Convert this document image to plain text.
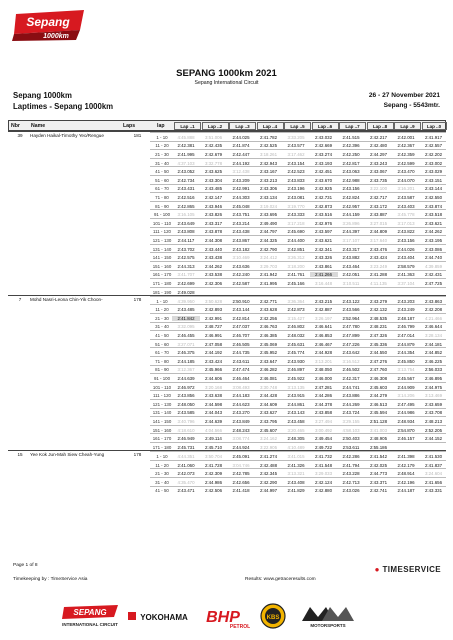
Sepang
1000km
SEPANG 1000km 2021
Sepang International Circuit
Sepang 1000km
Laptimes - Sepang 1000km
26 - 27 November 2021
Sepang - 5543mtr.
Nbr Name	Laps	lap	Lap ..1	Lap ..2	Lap ..3	Lap ..4	Lap ..5	Lap ..6	Lap ..7	Lap ..8	Lap ..9	Lap ..0
39	Hayden Haikal-Timothy Yeo/Rengue	181	1 - 10	4:45.888	3:51.006	2:44.025	2:41.782	3:33.205	2:43.032	2:41.515	2:42.217	2:42.001	2:41.917
11 - 20	2:42.381	2:42.435	2:41.874	2:42.525	2:43.577	2:42.669	2:42.396	2:42.480	2:42.367	2:42.557
21 - 30	2:41.995	2:42.679	2:42.447	3:18.261	3:17.462	2:43.274	2:42.250	2:44.297	2:42.359	2:42.202
31 - 40	4:37.103	3:32.778	2:44.192	2:42.943	2:43.154	2:43.193	2:42.817	2:43.243	2:42.599	2:43.002
41 - 50	2:43.052	2:43.625	3:12.438	2:43.167	2:42.523	2:42.451	2:43.063	2:43.067	2:43.470	2:43.029
51 - 60	2:42.734	2:43.304	2:43.209	2:43.213	2:43.833	2:43.670	2:42.988	2:43.735	2:44.070	2:43.151
61 - 70	2:43.431	2:43.485	2:42.991	2:43.306	2:43.196	2:42.925	2:43.156	3:22.100	3:16.201	2:43.144
71 - 80	2:42.516	2:42.147	2:44.303	2:43.134	2:43.081	2:42.731	2:42.824	2:42.717	2:43.587	2:42.550
81 - 90	2:42.865	2:43.946	2:45.048	3:19.024	3:19.770	2:42.873	2:42.957	2:43.172	2:43.403	2:43.874
91 - 100	3:16.105	2:43.826	2:43.751	2:43.695	2:43.333	2:43.516	2:44.159	2:43.887	3:45.778	2:43.518
101 - 110	2:43.649	2:43.317	2:43.214	2:49.490	3:17.218	2:42.976	3:26.896	3:27.015	3:17.013	2:43.621
111 - 120	2:43.808	2:43.878	2:43.438	2:44.797	2:45.690	2:43.597	2:44.397	2:44.809	2:43.822	2:44.262
121 - 130	2:44.117	2:44.308	2:43.867	2:44.325	2:44.400	2:43.621	3:17.107	3:17.640	2:43.156	2:43.195
131 - 140	2:43.702	2:43.440	2:43.182	2:42.790	2:42.851	2:42.341	2:43.317	2:43.476	2:44.026	2:43.086
141 - 150	2:42.575	2:43.438	3:10.469	3:24.412	3:26.312	2:43.326	2:43.882	2:43.424	2:43.404	2:44.740
151 - 160	2:44.313	2:44.262	2:43.636	3:29.703	3:18.200	2:43.861	2:43.464	3:23.249	2:58.579	4:39.859
161 - 170	3:41.707	2:43.538	2:42.240	2:41.942	2:41.761	2:41.266	2:42.051	2:41.288	2:41.363	2:42.431
171 - 180	2:42.699	2:42.306	2:42.587	2:41.995	2:45.166	3:16.448	3:10.511	4:11.135	3:37.104	2:47.725
181 - 190	2:49.028
7	Mohd Nasri-Leona Chin-Yik Choon-	178	1 - 10	4:39.950	3:50.628	2:50.910	2:42.771	3:36.364	2:43.215	2:43.122	2:43.279	2:43.203	2:43.863
11 - 20	2:43.485	2:42.893	2:43.144	2:43.628	2:42.873	2:42.887	2:43.566	2:42.132	2:43.249	2:42.208
21 - 30	2:41.842	2:42.991	2:42.814	2:42.256	3:15.427	3:26.197	2:52.964	2:48.535	2:48.187	4:21.466
31 - 40	3:32.095	2:48.727	2:47.037	2:46.763	2:46.802	2:46.641	2:47.780	2:48.231	2:46.799	2:46.644
41 - 50	2:46.455	2:46.991	2:46.707	2:46.385	2:48.032	2:46.853	2:47.899	2:47.326	2:47.014	3:28.134
51 - 60	3:27.071	2:47.058	2:46.505	2:45.069	2:45.631	2:46.467	2:47.226	2:45.336	2:44.879	2:44.181
61 - 70	2:46.375	2:44.192	2:44.735	2:45.952	2:45.774	2:44.928	2:43.642	2:44.550	2:44.354	2:44.852
71 - 80	2:44.185	2:43.424	2:43.611	2:43.647	2:43.930	3:13.201	3:16.512	2:47.276	2:45.850	2:46.225
81 - 90	3:12.367	2:45.966	2:47.474	2:46.282	2:46.897	2:48.050	2:46.502	2:47.760	3:13.754	2:56.033
91 - 100	2:44.639	2:44.606	2:46.464	2:46.081	2:45.922	2:46.000	2:42.317	2:46.308	2:45.567	2:46.895
101 - 110	2:46.972	3:20.168	3:08.493	3:30.748	3:13.135	2:47.281	2:44.741	2:45.603	2:44.909	2:44.975
111 - 120	2:43.856	2:43.638	2:44.183	2:44.428	2:43.915	2:44.286	2:43.886	2:44.279	3:14.206	3:13.469
121 - 130	2:48.050	2:44.598	2:44.623	2:44.609	2:44.861	2:44.378	2:44.269	2:46.513	2:47.495	2:43.659
131 - 140	2:43.585	2:44.043	2:43.270	2:43.627	2:43.143	2:43.858	2:43.724	2:45.594	2:44.986	2:43.708
141 - 150	3:40.796	2:44.639	2:43.849	2:43.795	2:43.458	3:27.494	3:29.155	2:51.128	2:48.934	2:48.213
151 - 160	4:18.610	4:04.566	2:48.243	2:45.607	3:20.465	3:00.492	4:58.103	3:41.003	2:54.870	2:52.205
161 - 170	2:46.949	2:49.114	3:08.774	3:24.162	2:48.305	2:49.454	2:50.403	2:48.905	2:46.157	2:44.152
171 - 180	2:45.731	2:45.710	2:44.924	3:22.905	4:10.489	2:49.722	2:53.611	2:55.186
15	Yee Kok Jun-Mah Siew Cheah-Yung	178	1 - 10	4:44.351	3:50.704	2:45.091	2:41.274	3:41.015	2:41.732	2:42.286	2:41.542	2:41.398	2:41.530
11 - 20	2:41.060	2:41.728	3:04.746	2:42.488	2:41.326	2:41.548	2:41.794	2:42.025	2:42.179	2:41.837
21 - 30	2:42.073	2:42.309	2:42.785	2:42.345	3:13.321	3:29.033	2:43.228	2:44.773	2:48.914	3:24.604
31 - 40	4:35.470	2:44.986	2:42.656	2:42.290	2:43.408	2:42.124	2:42.713	2:43.371	2:42.196	2:41.656
41 - 50	2:43.471	2:42.506	2:41.418	2:44.997	2:41.829	2:42.880	2:43.026	2:42.741	2:44.187	2:43.331
Page 1 of 8
Timekeeping by : TimeService Asia	Results: www.getraceresults.com
● TIMESERVICE
SEPANG
INTERNATIONAL CIRCUIT
YOKOHAMA BHP
PETROL
KBS
MOTORSPORTS
